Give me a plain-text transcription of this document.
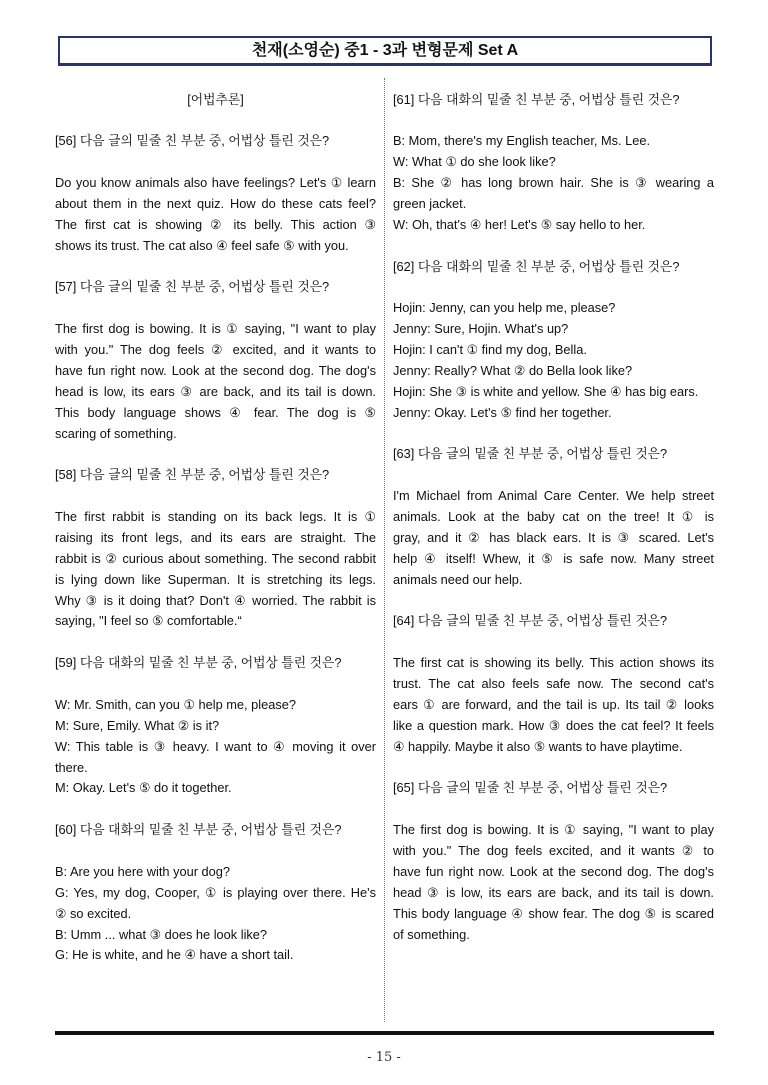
천재(소영순) 중1 - 3과 변형문제 Set A
[어법추론]
[56] 다음 글의 밑줄 친 부분 중, 어법상 틀린 것은?
Do you know animals also have feelings? Let's ① learn
about them in the next quiz. How do these cats feel?
The first cat is showing ② its belly. This action ③
shows its trust. The cat also ④ feel safe ⑤ with you.
[57] 다음 글의 밑줄 친 부분 중, 어법상 틀린 것은?
The first dog is bowing. It is ① saying, "I want to play
with you." The dog feels ② excited, and it wants to
have fun right now. Look at the second dog. The dog's
head is low, its ears ③ are back, and its tail is down.
This body language shows ④ fear. The dog is ⑤
scaring of something.
[58] 다음 글의 밑줄 친 부분 중, 어법상 틀린 것은?
The first rabbit is standing on its back legs. It is ①
raising its front legs, and its ears are straight. The
rabbit is ② curious about something. The second rabbit
is lying down like Superman. It is stretching its legs.
Why ③ is it doing that? Don't ④ worried. The rabbit is
saying, "I feel so ⑤ comfortable.“
[59] 다음 대화의 밑줄 친 부분 중, 어법상 틀린 것은?
W: Mr. Smith, can you ① help me, please?
M: Sure, Emily. What ② is it?
W: This table is ③ heavy. I want to ④ moving it over
there.
M: Okay. Let's ⑤ do it together.
[60] 다음 대화의 밑줄 친 부분 중, 어법상 틀린 것은?
B: Are you here with your dog?
G: Yes, my dog, Cooper, ① is playing over there. He's
② so excited.
B: Umm ... what ③ does he look like?
G: He is white, and he ④ have a short tail.
[61] 다음 대화의 밑줄 친 부분 중, 어법상 틀린 것은?
B: Mom, there's my English teacher, Ms. Lee.
W: What ① do she look like?
B: She ② has long brown hair. She is ③ wearing a
green jacket.
W: Oh, that's ④ her! Let's ⑤ say hello to her.
[62] 다음 대화의 밑줄 친 부분 중, 어법상 틀린 것은?
Hojin: Jenny, can you help me, please?
Jenny: Sure, Hojin. What's up?
Hojin: I can't ① find my dog, Bella.
Jenny: Really? What ② do Bella look like?
Hojin: She ③ is white and yellow. She ④ has big ears.
Jenny: Okay. Let's ⑤ find her together.
[63] 다음 글의 밑줄 친 부분 중, 어법상 틀린 것은?
I'm Michael from Animal Care Center. We help street
animals. Look at the baby cat on the tree! It ① is
gray, and it ② has black ears. It is ③ scared. Let's
help ④ itself! Whew, it ⑤ is safe now. Many street
animals need our help.
[64] 다음 글의 밑줄 친 부분 중, 어법상 틀린 것은?
The first cat is showing its belly. This action shows its
trust. The cat also feels safe now. The second cat's
ears ① are forward, and the tail is up. Its tail ② looks
like a question mark. How ③ does the cat feel? It feels
④ happily. Maybe it also ⑤ wants to have playtime.
[65] 다음 글의 밑줄 친 부분 중, 어법상 틀린 것은?
The first dog is bowing. It is ① saying, "I want to play
with you." The dog feels excited, and it wants ② to
have fun right now. Look at the second dog. The dog's
head ③ is low, its ears are back, and its tail is down.
This body language ④ show fear. The dog ⑤ is scared
of something.
- 15 -
